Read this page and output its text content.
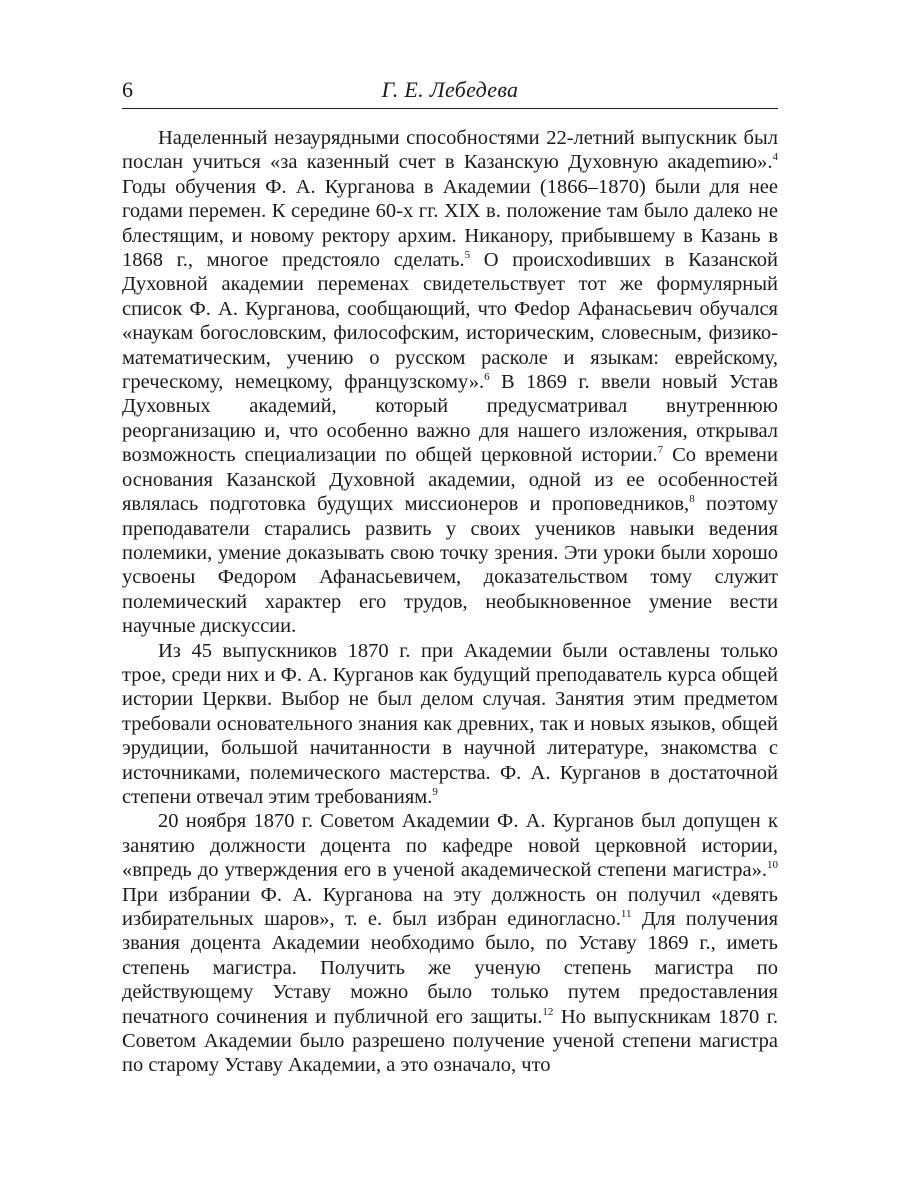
6	Г. Е. Лебедева

Наделенный незаурядными способностями 22-летний выпускник был послан учиться «за казенный счет в Казанскую Духовную акадеmию».$^4$ Годы обучения Ф. А. Курганова в Академии (1866–1870) были для нее годами перемен. К середине 60-х гг. XIX в. положение там было далеко не блестящим, и новому ректору архим. Никанору, прибывшему в Казань в 1868 г., многое предстояло сделать.$^5$ О происхоdивших в Казанской Духовной академии переменах свидетельствует тот же формулярный список Ф. А. Курганова, сообщающий, что Феdор Афанасьевич обучался «наукам богословским, философским, историческим, словесным, физико-математическим, учению о русском расколе и языкам: еврейскому, греческому, немецкому, французскому».$^6$ В 1869 г. ввели новый Устав Духовных академий, который предусматривал внутреннюю реорганизацию и, что особенно важно для нашего изложения, открывал возможность специализации по общей церковной истории.$^7$ Со времени основания Казанской Духовной академии, одной из ее особенностей являлась подготовка будущих миссионеров и проповедников,$^8$ поэтому преподаватели старались развить у своих учеников навыки ведения полемики, умение доказывать свою точку зрения. Эти уроки были хорошо усвоены Федором Афанасьевичем, доказательством тому служит полемический характер его трудов, необыкновенное умение вести научные дискуссии.

Из 45 выпускников 1870 г. при Академии были оставлены только трое, среди них и Ф. А. Курганов как будущий преподаватель курса общей истории Церкви. Выбор не был делом случая. Занятия этим предметом требовали основательного знания как древних, так и новых языков, общей эрудиции, большой начитанности в научной литературе, знакомства с источниками, полемического мастерства. Ф. А. Курганов в достаточной степени отвечал этим требованиям.$^9$

20 ноября 1870 г. Советом Академии Ф. А. Курганов был допущен к занятию должности доцента по кафедре новой церковной истории, «впредь до утверждения его в ученой академической степени магистра».$^{10}$ При избрании Ф. А. Курганова на эту должность он получил «девять избирательных шаров», т. е. был избран единогласно.$^{11}$ Для получения звания доцента Академии необходимо было, по Уставу 1869 г., иметь степень магистра. Получить же ученую степень магистра по действующему Уставу можно было только путем предоставления печатного сочинения и публичной его защиты.$^{12}$ Но выпускникам 1870 г. Советом Академии было разрешено получение ученой степени магистра по старому Уставу Академии, а это означало, что
